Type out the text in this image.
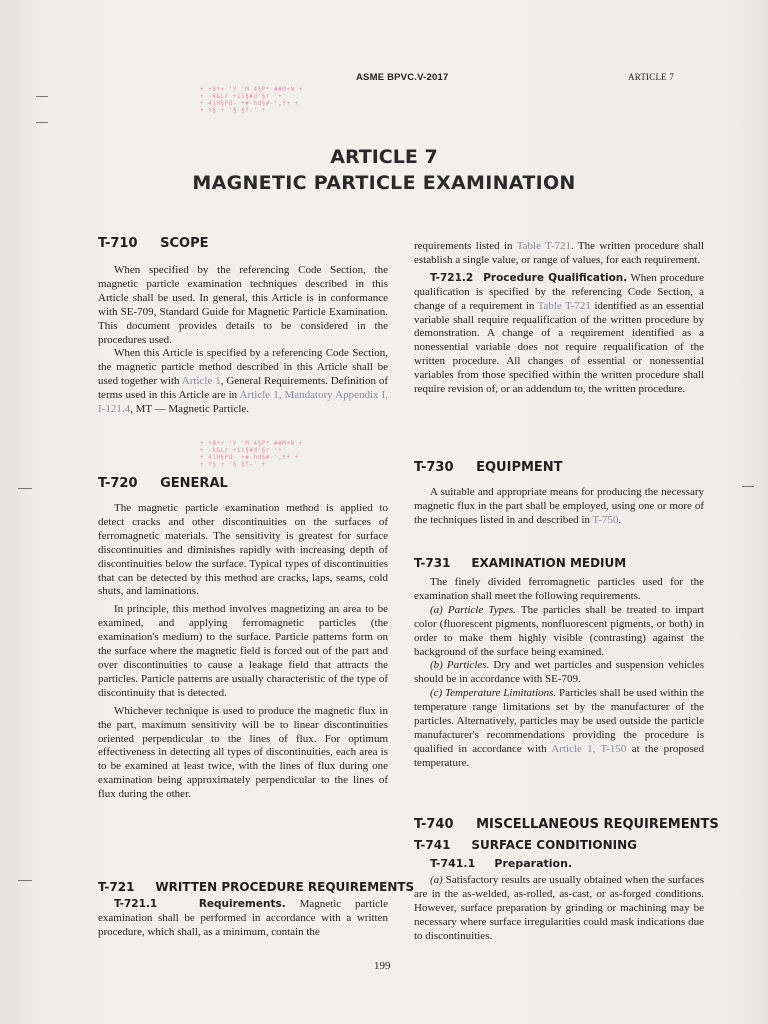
ASME BPVC.V-2017	ARTICLE 7
+ +8*+ 'Y 'M 4§P* ##M+N +
+ -k&Lr +ii§#d'§r '+'
+ 4iH§Pd- +#-hd§#-',Y+ +
+ Y§ + '§ §f-' +
+ +8*+ 'Y 'M 4§P* ##M+N +
+ -k&Lr +ii§#d'§r '+'
+ 4iH§Pd- +#-hd§#-',Y+ +
+ Y§ + '§ §f-' +
ARTICLE 7
MAGNETIC PARTICLE EXAMINATION
T-710     SCOPE

When specified by the referencing Code Section, the magnetic particle examination techniques described in this Article shall be used. In general, this Article is in conformance with SE-709, Standard Guide for Magnetic Particle Examination. This document provides details to be considered in the procedures used.

When this Article is specified by a referencing Code Section, the magnetic particle method described in this Article shall be used together with Article 1, General Requirements. Definition of terms used in this Article are in Article 1, Mandatory Appendix I, I-121.4, MT — Magnetic Particle.

T-720     GENERAL

The magnetic particle examination method is applied to detect cracks and other discontinuities on the surfaces of ferromagnetic materials. The sensitivity is greatest for surface discontinuities and diminishes rapidly with increasing depth of discontinuities below the surface. Typical types of discontinuities that can be detected by this method are cracks, laps, seams, cold shuts, and laminations.

In principle, this method involves magnetizing an area to be examined, and applying ferromagnetic particles (the examination's medium) to the surface. Particle patterns form on the surface where the magnetic field is forced out of the part and over discontinuities to cause a leakage field that attracts the particles. Particle patterns are usually characteristic of the type of discontinuity that is detected.

Whichever technique is used to produce the magnetic flux in the part, maximum sensitivity will be to linear discontinuities oriented perpendicular to the lines of flux. For optimum effectiveness in detecting all types of discontinuities, each area is to be examined at least twice, with the lines of flux during one examination being approximately perpendicular to the lines of flux during the other.

T-721     WRITTEN PROCEDURE REQUIREMENTS

T-721.1	Requirements. Magnetic particle examination shall be performed in accordance with a written procedure, which shall, as a minimum, contain the

requirements listed in Table T-721. The written procedure shall establish a single value, or range of values, for each requirement.

T-721.2 Procedure Qualification. When procedure qualification is specified by the referencing Code Section, a change of a requirement in Table T-721 identified as an essential variable shall require requalification of the written procedure by demonstration. A change of a requirement identified as a nonessential variable does not require requalification of the written procedure. All changes of essential or nonessential variables from those specified within the written procedure shall require revision of, or an addendum to, the written procedure.

T-730     EQUIPMENT

A suitable and appropriate means for producing the necessary magnetic flux in the part shall be employed, using one or more of the techniques listed in and described in T-750.

T-731     EXAMINATION MEDIUM

The finely divided ferromagnetic particles used for the examination shall meet the following requirements.

(a) Particle Types. The particles shall be treated to impart color (fluorescent pigments, nonfluorescent pigments, or both) in order to make them highly visible (contrasting) against the background of the surface being examined.

(b) Particles. Dry and wet particles and suspension vehicles should be in accordance with SE-709.

(c) Temperature Limitations. Particles shall be used within the temperature range limitations set by the manufacturer of the particles. Alternatively, particles may be used outside the particle manufacturer's recommendations providing the procedure is qualified in accordance with Article 1, T-150 at the proposed temperature.

T-740     MISCELLANEOUS REQUIREMENTS
T-741     SURFACE CONDITIONING
T-741.1     Preparation.

(a) Satisfactory results are usually obtained when the surfaces are in the as-welded, as-rolled, as-cast, or as-forged conditions. However, surface preparation by grinding or machining may be necessary where surface irregularities could mask indications due to discontinuities.

199
